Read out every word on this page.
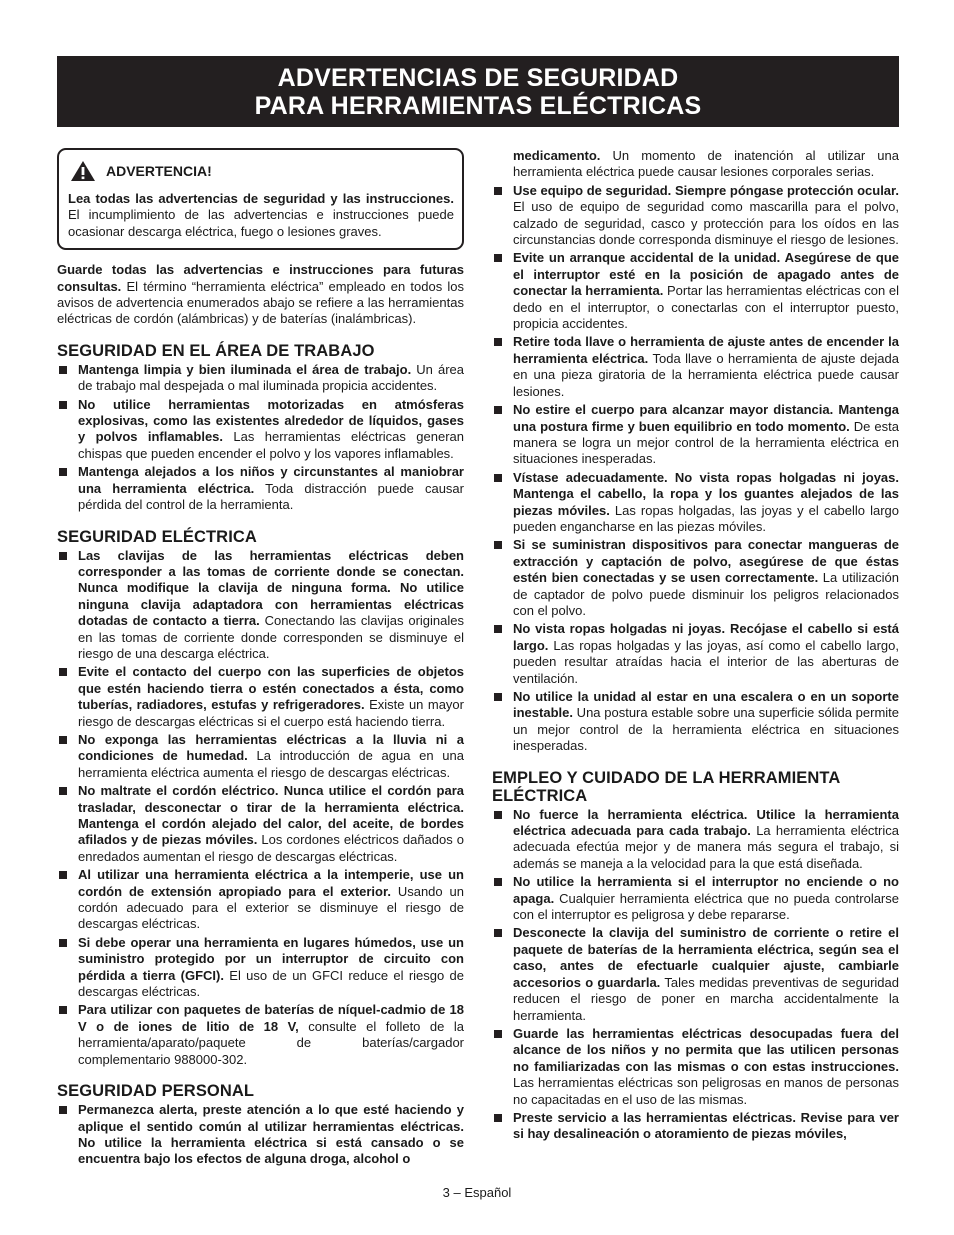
ADVERTENCIAS DE SEGURIDAD
PARA HERRAMIENTAS ELÉCTRICAS
ADVERTENCIA!

Lea todas las advertencias de seguridad y las instrucciones. El incumplimiento de las advertencias e instrucciones puede ocasionar descarga eléctrica, fuego o lesiones graves.

Guarde todas las advertencias e instrucciones para futuras consultas. El término “herramienta eléctrica” empleado en todos los avisos de advertencia enumerados abajo se refiere a las herramientas eléctricas de cordón (alámbricas) y de baterías (inalámbricas).

SEGURIDAD EN EL ÁREA DE TRABAJO
Mantenga limpia y bien iluminada el área de trabajo. Un área de trabajo mal despejada o mal iluminada propicia accidentes.
No utilice herramientas motorizadas en atmósferas explosivas, como las existentes alrededor de líquidos, gases y polvos inflamables. Las herramientas eléctricas generan chispas que pueden encender el polvo y los vapores inflamables.
Mantenga alejados a los niños y circunstantes al maniobrar una herramienta eléctrica. Toda distracción puede causar pérdida del control de la herramienta.
SEGURIDAD ELÉCTRICA
Las clavijas de las herramientas eléctricas deben corresponder a las tomas de corriente donde se conectan. Nunca modifique la clavija de ninguna forma. No utilice ninguna clavija adaptadora con herramientas eléctricas dotadas de contacto a tierra. Conectando las clavijas originales en las tomas de corriente donde corresponden se disminuye el riesgo de una descarga eléctrica.
Evite el contacto del cuerpo con las superficies de objetos que estén haciendo tierra o estén conectados a ésta, como tuberías, radiadores, estufas y refrigeradores. Existe un mayor riesgo de descargas eléctricas si el cuerpo está haciendo tierra.
No exponga las herramientas eléctricas a la lluvia ni a condiciones de humedad. La introducción de agua en una herramienta eléctrica aumenta el riesgo de descargas eléctricas.
No maltrate el cordón eléctrico. Nunca utilice el cordón para trasladar, desconectar o tirar de la herramienta eléctrica. Mantenga el cordón alejado del calor, del aceite, de bordes afilados y de piezas móviles. Los cordones eléctricos dañados o enredados aumentan el riesgo de descargas eléctricas.
Al utilizar una herramienta eléctrica a la intemperie, use un cordón de extensión apropiado para el exterior. Usando un cordón adecuado para el exterior se disminuye el riesgo de descargas eléctricas.
Si debe operar una herramienta en lugares húmedos, use un suministro protegido por un interruptor de circuito con pérdida a tierra (GFCI). El uso de un GFCI reduce el riesgo de descargas eléctricas.
Para utilizar con paquetes de baterías de níquel-cadmio de 18 V o de iones de litio de 18 V, consulte el folleto de la herramienta/aparato/paquete de baterías/cargador complementario 988000-302.
SEGURIDAD PERSONAL
Permanezca alerta, preste atención a lo que esté haciendo y aplique el sentido común al utilizar herramientas eléctricas. No utilice la herramienta eléctrica si está cansado o se encuentra bajo los efectos de alguna droga, alcohol o

medicamento. Un momento de inatención al utilizar una herramienta eléctrica puede causar lesiones corporales serias.

Use equipo de seguridad. Siempre póngase protección ocular. El uso de equipo de seguridad como mascarilla para el polvo, calzado de seguridad, casco y protección para los oídos en las circunstancias donde corresponda disminuye el riesgo de lesiones.
Evite un arranque accidental de la unidad. Asegúrese de que el interruptor esté en la posición de apagado antes de conectar la herramienta. Portar las herramientas eléctricas con el dedo en el interruptor, o conectarlas con el interruptor puesto, propicia accidentes.
Retire toda llave o herramienta de ajuste antes de encender la herramienta eléctrica. Toda llave o herramienta de ajuste dejada en una pieza giratoria de la herramienta eléctrica puede causar lesiones.
No estire el cuerpo para alcanzar mayor distancia. Mantenga una postura firme y buen equilibrio en todo momento. De esta manera se logra un mejor control de la herramienta eléctrica en situaciones inesperadas.
Vístase adecuadamente. No vista ropas holgadas ni joyas. Mantenga el cabello, la ropa y los guantes alejados de las piezas móviles. Las ropas holgadas, las joyas y el cabello largo pueden engancharse en las piezas móviles.
Si se suministran dispositivos para conectar mangueras de extracción y captación de polvo, asegúrese de que éstas estén bien conectadas y se usen correctamente. La utilización de captador de polvo puede disminuir los peligros relacionados con el polvo.
No vista ropas holgadas ni joyas. Recójase el cabello si está largo. Las ropas holgadas y las joyas, así como el cabello largo, pueden resultar atraídas hacia el interior de las aberturas de ventilación.
No utilice la unidad al estar en una escalera o en un soporte inestable. Una postura estable sobre una superficie sólida permite un mejor control de la herramienta eléctrica en situaciones inesperadas.
EMPLEO Y CUIDADO DE LA HERRAMIENTA ELÉCTRICA
No fuerce la herramienta eléctrica. Utilice la herramienta eléctrica adecuada para cada trabajo. La herramienta eléctrica adecuada efectúa mejor y de manera más segura el trabajo, si además se maneja a la velocidad para la que está diseñada.
No utilice la herramienta si el interruptor no enciende o no apaga. Cualquier herramienta eléctrica que no pueda controlarse con el interruptor es peligrosa y debe repararse.
Desconecte la clavija del suministro de corriente o retire el paquete de baterías de la herramienta eléctrica, según sea el caso, antes de efectuarle cualquier ajuste, cambiarle accesorios o guardarla. Tales medidas preventivas de seguridad reducen el riesgo de poner en marcha accidentalmente la herramienta.
Guarde las herramientas eléctricas desocupadas fuera del alcance de los niños y no permita que las utilicen personas no familiarizadas con las mismas o con estas instrucciones. Las herramientas eléctricas son peligrosas en manos de personas no capacitadas en el uso de las mismas.
Preste servicio a las herramientas eléctricas. Revise para ver si hay desalineación o atoramiento de piezas móviles,
3 – Español
